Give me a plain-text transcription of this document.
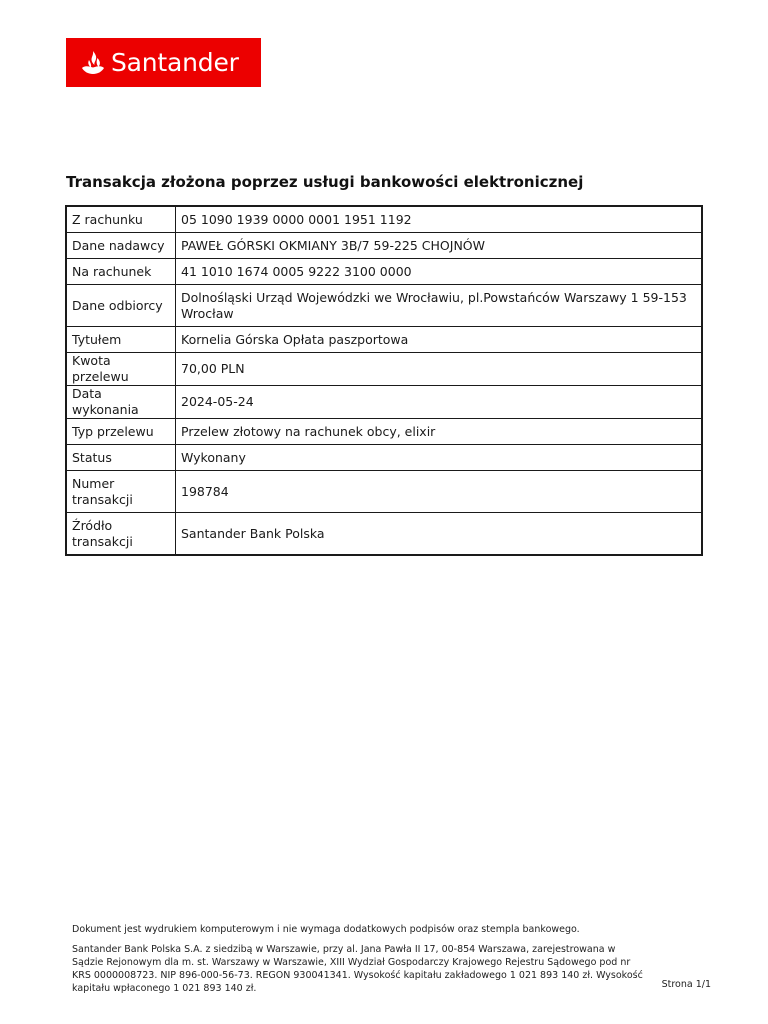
Santander
Transakcja złożona poprzez usługi bankowości elektronicznej
Z rachunku	05 1090 1939 0000 0001 1951 1192
Dane nadawcy	PAWEŁ GÓRSKI OKMIANY 3B/7 59-225 CHOJNÓW
Na rachunek	41 1010 1674 0005 9222 3100 0000
Dane odbiorcy	Dolnośląski Urząd Wojewódzki we Wrocławiu, pl.Powstańców Warszawy 1 59-153 Wrocław
Tytułem	Kornelia Górska Opłata paszportowa
Kwota przelewu	70,00 PLN
Data wykonania	2024-05-24
Typ przelewu	Przelew złotowy na rachunek obcy, elixir
Status	Wykonany
Numer transakcji	198784
Źródło transakcji	Santander Bank Polska
Dokument jest wydrukiem komputerowym i nie wymaga dodatkowych podpisów oraz stempla bankowego.
Santander Bank Polska S.A. z siedzibą w Warszawie, przy al. Jana Pawła II 17, 00-854 Warszawa, zarejestrowana w Sądzie Rejonowym dla m. st. Warszawy w Warszawie, XIII Wydział Gospodarczy Krajowego Rejestru Sądowego pod nr KRS 0000008723. NIP 896-000-56-73. REGON 930041341. Wysokość kapitału zakładowego 1 021 893 140 zł. Wysokość kapitału wpłaconego 1 021 893 140 zł.	Strona 1/1
